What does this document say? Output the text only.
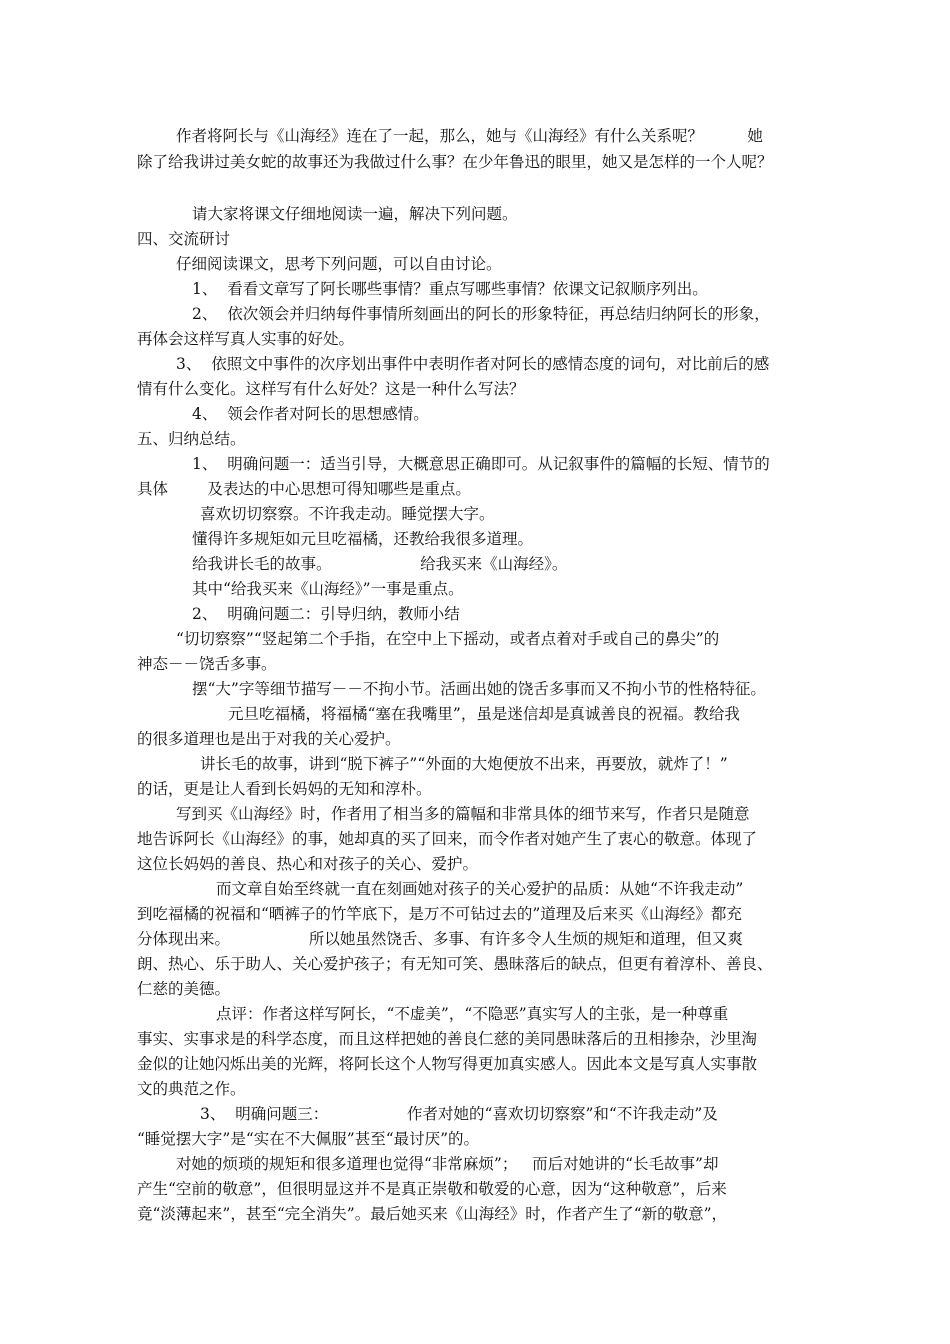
作者将阿长与《山海经》连在了一起，那么，她与《山海经》有什么关系呢？         她
除了给我讲过美女蛇的故事还为我做过什么事？在少年鲁迅的眼里，她又是怎样的一个人呢？
请大家将课文仔细地阅读一遍，解决下列问题。
四、交流研讨
仔细阅读课文，思考下列问题，可以自由讨论。
1、  看看文章写了阿长哪些事情？重点写哪些事情？依课文记叙顺序列出。
2、  依次领会并归纳每件事情所刻画出的阿长的形象特征，再总结归纳阿长的形象，
再体会这样写真人实事的好处。
3、  依照文中事件的次序划出事件中表明作者对阿长的感情态度的词句，对比前后的感
情有什么变化。这样写有什么好处？这是一种什么写法？
4、  领会作者对阿长的思想感情。
五、归纳总结。
1、  明确问题一：适当引导，大概意思正确即可。从记叙事件的篇幅的长短、情节的
具体        及表达的中心思想可得知哪些是重点。
喜欢切切察察。不许我走动。睡觉摆大字。
懂得许多规矩如元旦吃福橘，还教给我很多道理。
给我讲长毛的故事。                  给我买来《山海经》。
其中“给我买来《山海经》”一事是重点。
2、  明确问题二：引导归纳，教师小结
“切切察察”“竖起第二个手指，在空中上下摇动，或者点着对手或自己的鼻尖”的
神态－－饶舌多事。
摆“大”字等细节描写－－不拘小节。活画出她的饶舌多事而又不拘小节的性格特征。
元旦吃福橘，将福橘“塞在我嘴里”，虽是迷信却是真诚善良的祝福。教给我
的很多道理也是出于对我的关心爱护。
讲长毛的故事，讲到“脱下裤子”“外面的大炮便放不出来，再要放，就炸了！”
的话，更是让人看到长妈妈的无知和淳朴。
写到买《山海经》时，作者用了相当多的篇幅和非常具体的细节来写，作者只是随意
地告诉阿长《山海经》的事，她却真的买了回来，而令作者对她产生了衷心的敬意。体现了
这位长妈妈的善良、热心和对孩子的关心、爱护。
而文章自始至终就一直在刻画她对孩子的关心爱护的品质：从她“不许我走动”
到吃福橘的祝福和“晒裤子的竹竿底下，是万不可钻过去的”道理及后来买《山海经》都充
分体现出来。                所以她虽然饶舌、多事、有许多令人生烦的规矩和道理，但又爽
朗、热心、乐于助人、关心爱护孩子；有无知可笑、愚昧落后的缺点，但更有着淳朴、善良、
仁慈的美德。
点评：作者这样写阿长，“不虚美”，“不隐恶”真实写人的主张，是一种尊重
事实、实事求是的科学态度，而且这样把她的善良仁慈的美同愚昧落后的丑相掺杂，沙里淘
金似的让她闪烁出美的光辉，将阿长这个人物写得更加真实感人。因此本文是写真人实事散
文的典范之作。
3、  明确问题三：                作者对她的“喜欢切切察察”和“不许我走动”及
“睡觉摆大字”是“实在不大佩服”甚至“最讨厌”的。
对她的烦琐的规矩和很多道理也觉得“非常麻烦”；   而后对她讲的“长毛故事”却
产生“空前的敬意”，但很明显这并不是真正崇敬和敬爱的心意，因为“这种敬意”，后来
竟“淡薄起来”，甚至“完全消失”。最后她买来《山海经》时，作者产生了“新的敬意”，
